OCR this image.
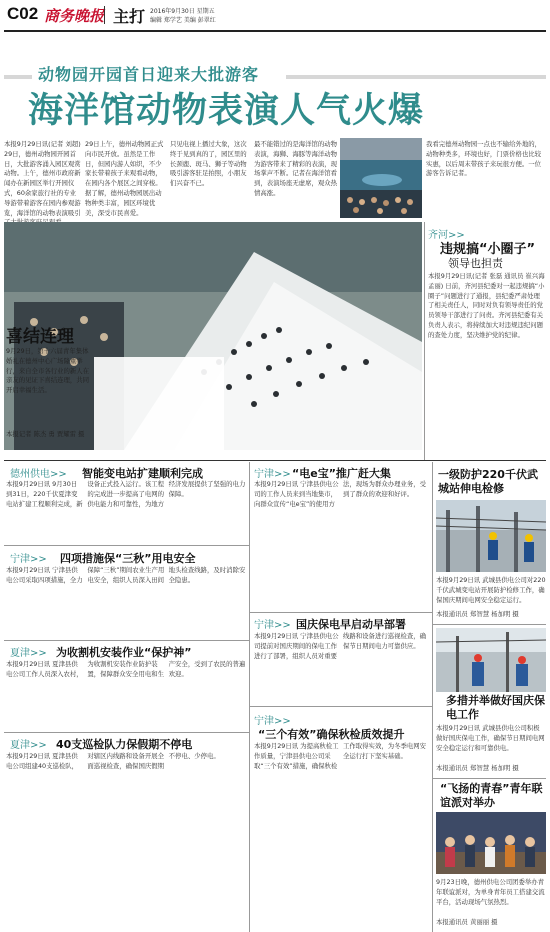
C02 商务晚报 主打 2016年9月30日 星期五
编辑 郑学艺 美编 彭翠红
动物园开园首日迎来大批游客
海洋馆动物表演人气火爆
本报9月29日讯(记者 刘超) 29日，德州动物园开园首日，大批游客涌入园区观赏动物。上午，德州市政府新闻办在新园区举行开园仪式，60余家旅行社的专业导游带着游客在园内参观游览，海洋馆的动物表演吸引
29日上午，德州动物园正式向市民开放。虽然是工作日，但园内游人如织，不少家长带着孩子来观看动物，在园内各个展区之间穿梭。据了解，德州动物园展出动物种类丰富，园区环境优美，深受市民喜爱。
只见电视上播过大象，这次终于见到真的了，园区里的长颈鹿、斑马、狮子等动物吸引游客驻足拍照，小朋友们兴奋不已。
最不能错过的是海洋馆的动物表演，海狮、海豚等海洋动物为游客带来了精彩的表演，现场掌声不断。记者在海洋馆看到，表演场座无虚席，观众热情高涨。
我看完德州动物园一点也不输给外地的，动物种类多，环境也好，门票价格也比较实惠，以后周末带孩子来玩很方便。一位游客告诉记者。
喜结连理
9月29日，第十六届青年集体婚礼在德州中心广场隆重举行，来自全市各行业的新人在亲友的见证下喜结连理，共同开启幸福生活。
本报记者 陈杰 勇 贾耀雷 摄
齐河>>
违规搞“小圈子”
领导也担责
本报9月29日讯(记者 张磊 通讯员 崔兴海 孟丽) 日前，齐河县纪委对一起违规搞“小圈子”问题进行了通报，县纪委严肃处理了相关责任人，同时对负有领导责任的党员领导干部进行了问责。齐河县纪委有关负责人表示，将持续加大对违规违纪问题的查处力度，坚决维护党的纪律。
德州供电>> 智能变电站扩建顺利完成
本报9月29日讯 9月30日到31日，220千伏夏津变电站扩建工程顺利完成，新设备正式投入运行。该工程的完成进一步提高了电网的供电能力和可靠性，为地方经济发展提供了坚强的电力保障。
宁津>> “电e宝”推广赶大集
本报9月29日讯 宁津县供电公司的工作人员来到当地集市，向群众宣传“电e宝”的使用方法，现场为群众办理业务，受到了群众的欢迎和好评。
一级防护220千伏武城站伸电检修
本报9月29日讯 武城县供电公司对220千伏武城变电站开展防护检修工作，确保国庆期间电网安全稳定运行。
本报通讯员 郑智慧 杨加明 摄
宁津>> 四项措施保“三秋”用电安全
本报9月29日讯 宁津县供电公司采取四项措施，全力保障“三秋”期间农业生产用电安全，组织人员深入田间地头检查线路，及时消除安全隐患。
宁津>> 国庆保电早启动早部署
本报9月29日讯 宁津县供电公司提前对国庆期间的保电工作进行了部署，组织人员对重要线路和设备进行巡视检查，确保节日期间电力可靠供应。
多措并举做好国庆保电工作
本报9月29日讯 武城县供电公司积极做好国庆保电工作，确保节日期间电网安全稳定运行和可靠供电。
本报通讯员 郑智慧 杨加明 摄
夏津>> 为收割机安装作业“保护神”
本报9月29日讯 夏津县供电公司工作人员深入农村，为收割机安装作业防护装置，保障群众安全用电和生产安全，受到了农民的普遍欢迎。
宁津>>
“三个有效”确保秋检质效提升
本报9月29日讯 为提高秋检工作质量，宁津县供电公司采取“三个有效”措施，确保秋检工作取得实效，为冬季电网安全运行打下坚实基础。
“飞扬的青春”青年联谊派对举办
9月23日晚，德州供电公司团委举办青年联谊派对，为单身青年员工搭建交流平台，活动现场气氛热烈。
本报通讯员 黄丽丽 摄
夏津>> 40支巡检队力保假期不停电
本报9月29日讯 夏津县供电公司组建40支巡检队，对辖区内线路和设备开展全面巡视检查，确保国庆假期不停电、少停电。
